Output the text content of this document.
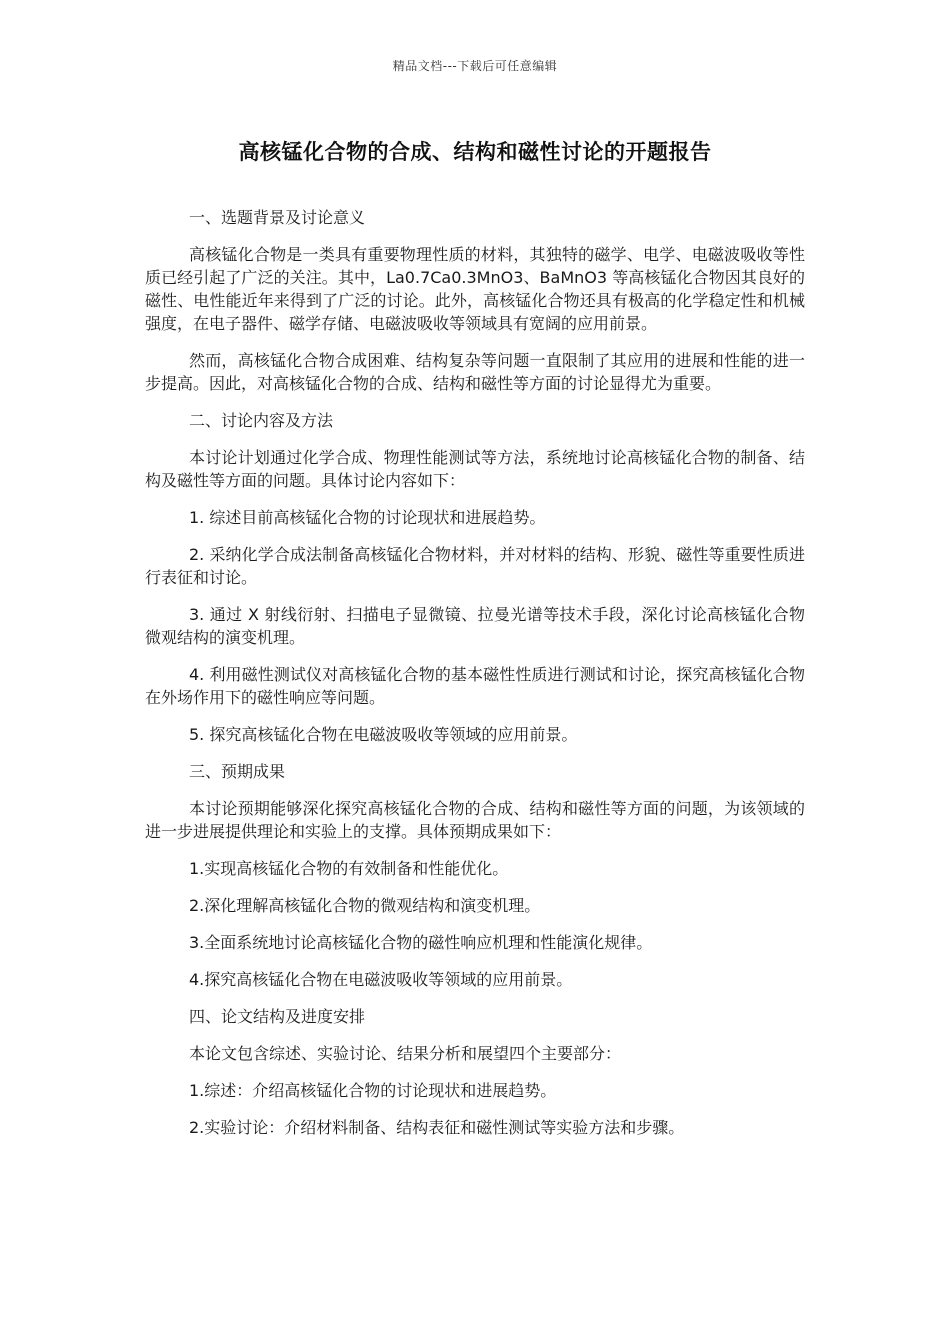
精品文档---下载后可任意编辑
高核锰化合物的合成、结构和磁性讨论的开题报告

一、选题背景及讨论意义

高核锰化合物是一类具有重要物理性质的材料，其独特的磁学、电学、电磁波吸收等性质已经引起了广泛的关注。其中，La0.7Ca0.3MnO3、BaMnO3 等高核锰化合物因其良好的磁性、电性能近年来得到了广泛的讨论。此外，高核锰化合物还具有极高的化学稳定性和机械强度，在电子器件、磁学存储、电磁波吸收等领域具有宽阔的应用前景。

然而，高核锰化合物合成困难、结构复杂等问题一直限制了其应用的进展和性能的进一步提高。因此，对高核锰化合物的合成、结构和磁性等方面的讨论显得尤为重要。

二、讨论内容及方法

本讨论计划通过化学合成、物理性能测试等方法，系统地讨论高核锰化合物的制备、结构及磁性等方面的问题。具体讨论内容如下：

1. 综述目前高核锰化合物的讨论现状和进展趋势。

2. 采纳化学合成法制备高核锰化合物材料，并对材料的结构、形貌、磁性等重要性质进行表征和讨论。

3. 通过 X 射线衍射、扫描电子显微镜、拉曼光谱等技术手段，深化讨论高核锰化合物微观结构的演变机理。

4. 利用磁性测试仪对高核锰化合物的基本磁性性质进行测试和讨论，探究高核锰化合物在外场作用下的磁性响应等问题。

5. 探究高核锰化合物在电磁波吸收等领域的应用前景。

三、预期成果

本讨论预期能够深化探究高核锰化合物的合成、结构和磁性等方面的问题，为该领域的进一步进展提供理论和实验上的支撑。具体预期成果如下：

1.实现高核锰化合物的有效制备和性能优化。

2.深化理解高核锰化合物的微观结构和演变机理。

3.全面系统地讨论高核锰化合物的磁性响应机理和性能演化规律。

4.探究高核锰化合物在电磁波吸收等领域的应用前景。

四、论文结构及进度安排

本论文包含综述、实验讨论、结果分析和展望四个主要部分：

1.综述：介绍高核锰化合物的讨论现状和进展趋势。

2.实验讨论：介绍材料制备、结构表征和磁性测试等实验方法和步骤。
